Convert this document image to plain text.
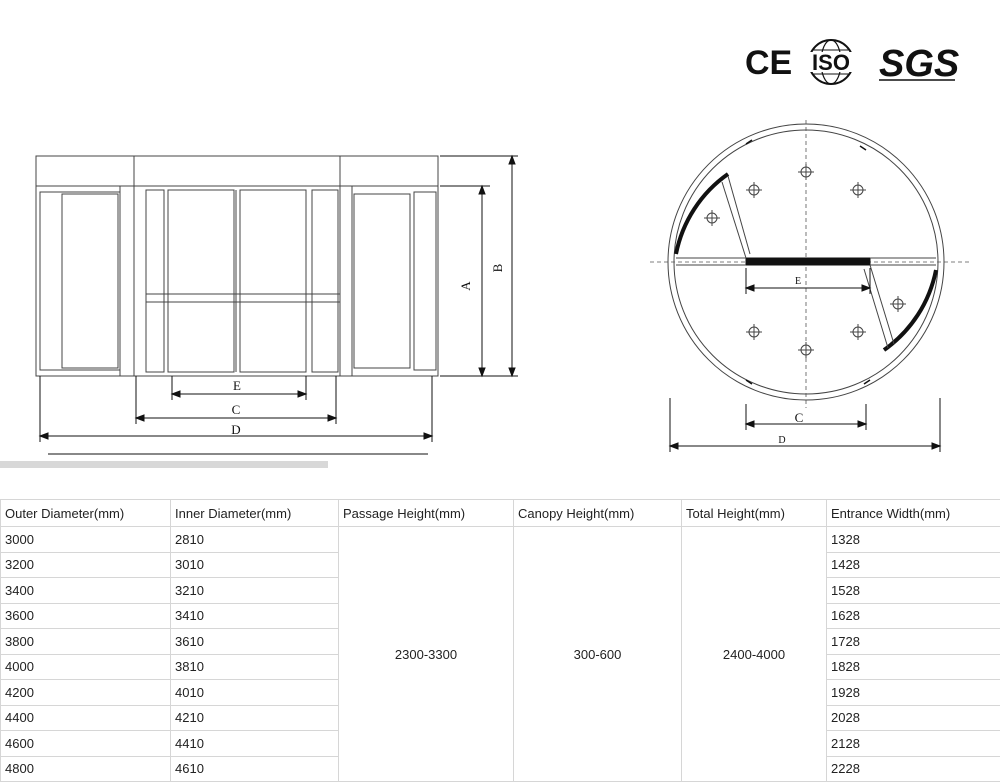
CE ISO SGS
A
B
E
C
D
E
C
D
Outer Diameter(mm)	Inner Diameter(mm)	Passage Height(mm)	Canopy Height(mm)	Total Height(mm)	Entrance Width(mm)
3000	2810	2300-3300	300-600	2400-4000	1328
3200	3010				1428
3400	3210				1528
3600	3410				1628
3800	3610				1728
4000	3810				1828
4200	4010				1928
4400	4210				2028
4600	4410				2128
4800	4610				2228
